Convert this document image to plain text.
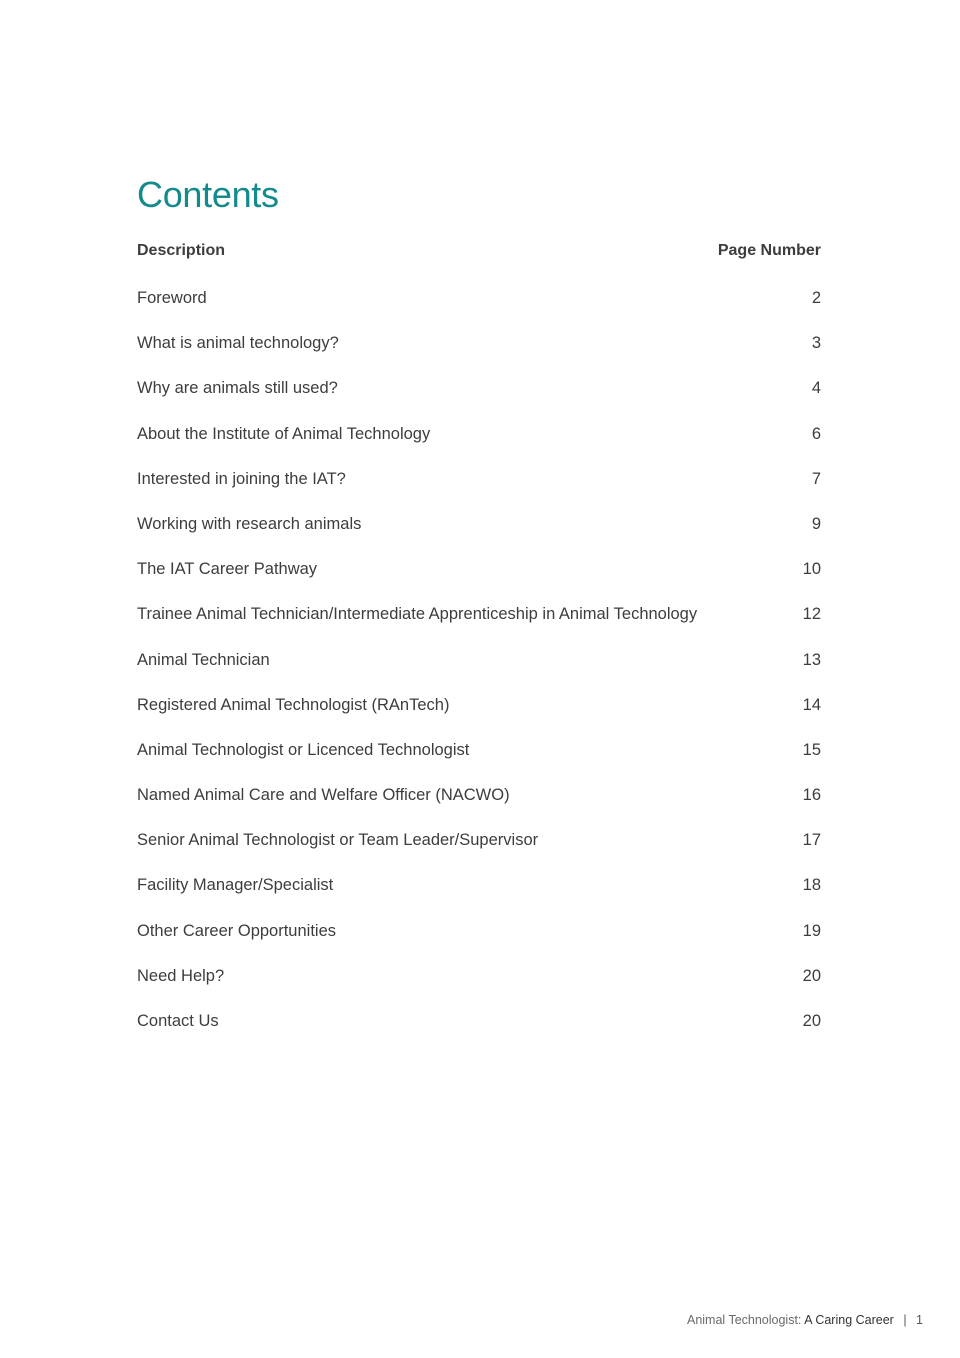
Contents
Description	Page Number
Foreword	2
What is animal technology?	3
Why are animals still used?	4
About the Institute of Animal Technology	6
Interested in joining the IAT?	7
Working with research animals	9
The IAT Career Pathway	10
Trainee Animal Technician/Intermediate Apprenticeship in Animal Technology	12
Animal Technician	13
Registered Animal Technologist (RAnTech)	14
Animal Technologist or Licenced Technologist	15
Named Animal Care and Welfare Officer (NACWO)	16
Senior Animal Technologist or Team Leader/Supervisor	17
Facility Manager/Specialist	18
Other Career Opportunities	19
Need Help?	20
Contact Us	20
Animal Technologist: A Caring Career | 1
